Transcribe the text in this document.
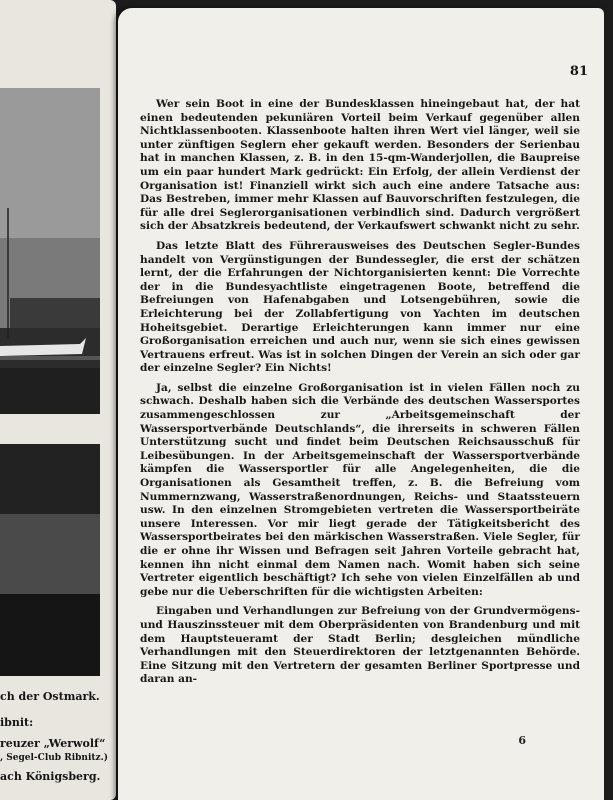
ch der Ostmark.
ibnit:
reuzer „Werwolf“
, Segel-Club Ribnitz.)
ach Königsberg.
81

Wer sein Boot in eine der Bundesklassen hineingebaut hat, der hat einen bedeutenden pekuniären Vorteil beim Verkauf gegenüber allen Nichtklassenbooten. Klassenboote halten ihren Wert viel länger, weil sie unter zünftigen Seglern eher gekauft werden. Besonders der Serienbau hat in manchen Klassen, z. B. in den 15-qm-Wanderjollen, die Baupreise um ein paar hundert Mark gedrückt: Ein Erfolg, der allein Verdienst der Organisation ist! Finanziell wirkt sich auch eine andere Tatsache aus: Das Bestreben, immer mehr Klassen auf Bauvorschriften festzulegen, die für alle drei Seglerorganisationen verbindlich sind. Dadurch vergrößert sich der Absatzkreis bedeutend, der Verkaufswert schwankt nicht zu sehr.

Das letzte Blatt des Führerausweises des Deutschen Segler-Bundes handelt von Vergünstigungen der Bundessegler, die erst der schätzen lernt, der die Erfahrungen der Nichtorganisierten kennt: Die Vorrechte der in die Bundesyachtliste eingetragenen Boote, betreffend die Befreiungen von Hafenabgaben und Lotsengebühren, sowie die Erleichterung bei der Zollabfertigung von Yachten im deutschen Hoheitsgebiet. Derartige Erleichterungen kann immer nur eine Großorganisation erreichen und auch nur, wenn sie sich eines gewissen Vertrauens erfreut. Was ist in solchen Dingen der Verein an sich oder gar der einzelne Segler? Ein Nichts!

Ja, selbst die einzelne Großorganisation ist in vielen Fällen noch zu schwach. Deshalb haben sich die Verbände des deutschen Wassersportes zusammengeschlossen zur „Arbeitsgemeinschaft der Wassersportverbände Deutschlands“, die ihrerseits in schweren Fällen Unterstützung sucht und findet beim Deutschen Reichsausschuß für Leibesübungen. In der Arbeitsgemeinschaft der Wassersportverbände kämpfen die Wassersportler für alle Angelegenheiten, die die Organisationen als Gesamtheit treffen, z. B. die Befreiung vom Nummernzwang, Wasserstraßenordnungen, Reichs- und Staatssteuern usw. In den einzelnen Stromgebieten vertreten die Wassersportbeiräte unsere Interessen. Vor mir liegt gerade der Tätigkeitsbericht des Wassersportbeirates bei den märkischen Wasserstraßen. Viele Segler, für die er ohne ihr Wissen und Befragen seit Jahren Vorteile gebracht hat, kennen ihn nicht einmal dem Namen nach. Womit haben sich seine Vertreter eigentlich beschäftigt? Ich sehe von vielen Einzelfällen ab und gebe nur die Ueberschriften für die wichtigsten Arbeiten:

Eingaben und Verhandlungen zur Befreiung von der Grundvermögens- und Hauszinssteuer mit dem Oberpräsidenten von Brandenburg und mit dem Hauptsteueramt der Stadt Berlin; desgleichen mündliche Verhandlungen mit den Steuerdirektoren der letztgenannten Behörde. Eine Sitzung mit den Vertretern der gesamten Berliner Sportpresse und daran an-

6
